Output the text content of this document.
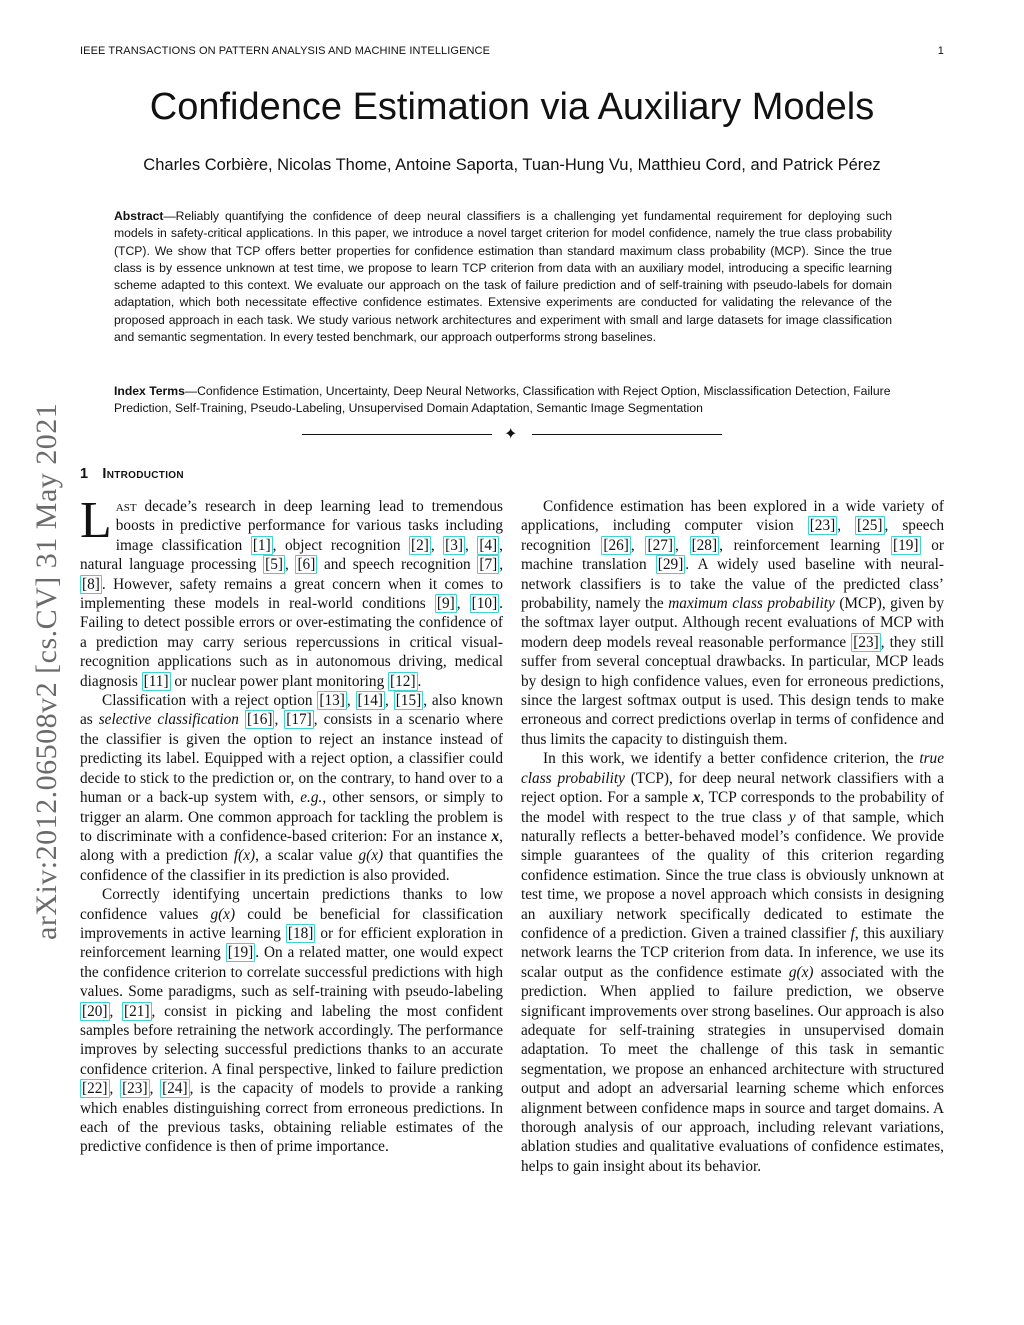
IEEE TRANSACTIONS ON PATTERN ANALYSIS AND MACHINE INTELLIGENCE	1
Confidence Estimation via Auxiliary Models
Charles Corbière, Nicolas Thome, Antoine Saporta, Tuan-Hung Vu, Matthieu Cord, and Patrick Pérez

Abstract—Reliably quantifying the confidence of deep neural classifiers is a challenging yet fundamental requirement for deploying such models in safety-critical applications. In this paper, we introduce a novel target criterion for model confidence, namely the true class probability (TCP). We show that TCP offers better properties for confidence estimation than standard maximum class probability (MCP). Since the true class is by essence unknown at test time, we propose to learn TCP criterion from data with an auxiliary model, introducing a specific learning scheme adapted to this context. We evaluate our approach on the task of failure prediction and of self-training with pseudo-labels for domain adaptation, which both necessitate effective confidence estimates. Extensive experiments are conducted for validating the relevance of the proposed approach in each task. We study various network architectures and experiment with small and large datasets for image classification and semantic segmentation. In every tested benchmark, our approach outperforms strong baselines.

Index Terms—Confidence Estimation, Uncertainty, Deep Neural Networks, Classification with Reject Option, Misclassification Detection, Failure Prediction, Self-Training, Pseudo-Labeling, Unsupervised Domain Adaptation, Semantic Image Segmentation

✦
arXiv:2012.06508v2 [cs.CV] 31 May 2021 1 Introduction

Last decade’s research in deep learning lead to tremendous boosts in predictive performance for various tasks including image classification [1] , object recognition [2] , [3] , [4] , natural language processing [5] , [6] and speech recognition [7] , [8] . However, safety remains a great concern when it comes to implementing these models in real-world conditions [9] , [10] . Failing to detect possible errors or over-estimating the confidence of a prediction may carry serious repercussions in critical visual-recognition applications such as in autonomous driving, medical diagnosis [11] or nuclear power plant monitoring [12] .

Classification with a reject option [13] , [14] , [15] , also known as selective classification [16] , [17] , consists in a scenario where the classifier is given the option to reject an instance instead of predicting its label. Equipped with a reject option, a classifier could decide to stick to the prediction or, on the contrary, to hand over to a human or a back-up system with, e.g., other sensors, or simply to trigger an alarm. One common approach for tackling the problem is to discriminate with a confidence-based criterion: For an instance x, along with a prediction f(x), a scalar value g(x) that quantifies the confidence of the classifier in its prediction is also provided.

Correctly identifying uncertain predictions thanks to low confidence values g(x) could be beneficial for classification improvements in active learning [18] or for efficient exploration in reinforcement learning [19] . On a related matter, one would expect the confidence criterion to correlate successful predictions with high values. Some paradigms, such as self-training with pseudo-labeling [20] , [21] , consist in picking and labeling the most confident samples before retraining the network accordingly. The performance improves by selecting successful predictions thanks to an accurate confidence criterion. A final perspective, linked to failure prediction [22] , [23] , [24] , is the capacity of models to provide a ranking which enables distinguishing correct from erroneous predictions. In each of the previous tasks, obtaining reliable estimates of the predictive confidence is then of prime importance.

Confidence estimation has been explored in a wide variety of applications, including computer vision [23] , [25] , speech recognition [26] , [27] , [28] , reinforcement learning [19] or machine translation [29] . A widely used baseline with neural-network classifiers is to take the value of the predicted class’ probability, namely the maximum class probability (MCP), given by the softmax layer output. Although recent evaluations of MCP with modern deep models reveal reasonable performance [23] , they still suffer from several conceptual drawbacks. In particular, MCP leads by design to high confidence values, even for erroneous predictions, since the largest softmax output is used. This design tends to make erroneous and correct predictions overlap in terms of confidence and thus limits the capacity to distinguish them.

In this work, we identify a better confidence criterion, the true class probability (TCP), for deep neural network classifiers with a reject option. For a sample x, TCP corresponds to the probability of the model with respect to the true class y of that sample, which naturally reflects a better-behaved model’s confidence. We provide simple guarantees of the quality of this criterion regarding confidence estimation. Since the true class is obviously unknown at test time, we propose a novel approach which consists in designing an auxiliary network specifically dedicated to estimate the confidence of a prediction. Given a trained classifier f, this auxiliary network learns the TCP criterion from data. In inference, we use its scalar output as the confidence estimate g(x) associated with the prediction. When applied to failure prediction, we observe significant improvements over strong baselines. Our approach is also adequate for self-training strategies in unsupervised domain adaptation. To meet the challenge of this task in semantic segmentation, we propose an enhanced architecture with structured output and adopt an adversarial learning scheme which enforces alignment between confidence maps in source and target domains. A thorough analysis of our approach, including relevant variations, ablation studies and qualitative evaluations of confidence estimates, helps to gain insight about its behavior.
